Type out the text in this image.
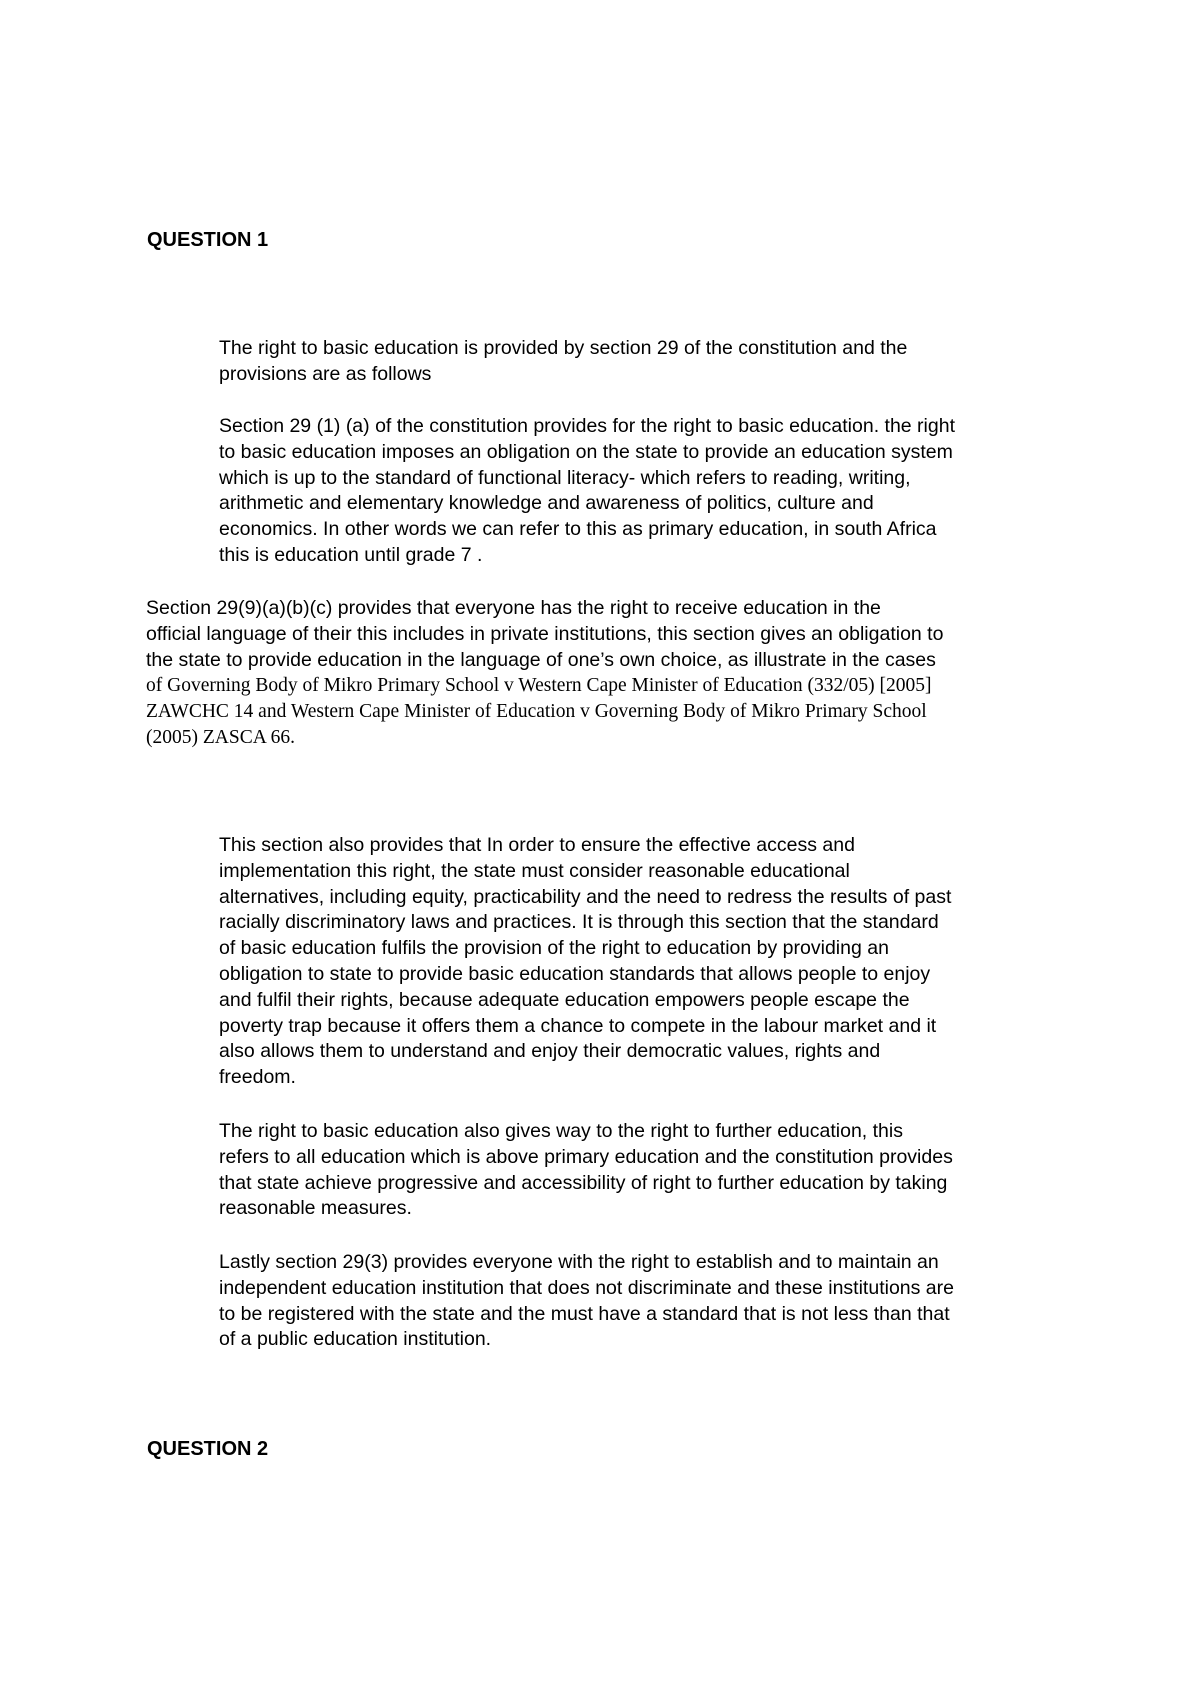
QUESTION 1

The right to basic education is provided by section 29 of the constitution and the
provisions are as follows

Section 29 (1) (a) of the constitution provides for the right to basic education. the right
to basic education imposes an obligation on the state to provide an education system
which is up to the standard of functional literacy- which refers to reading, writing,
arithmetic and elementary knowledge and awareness of politics, culture and
economics. In other words we can refer to this as primary education, in south Africa
this is education until grade 7 .

Section 29(9)(a)(b)(c) provides that everyone has the right to receive education in the
official language of their this includes in private institutions, this section gives an obligation to
the state to provide education in the language of one’s own choice, as illustrate in the cases
of Governing Body of Mikro Primary School v Western Cape Minister of Education (332/05) [2005]
ZAWCHC 14 and Western Cape Minister of Education v Governing Body of Mikro Primary School
(2005) ZASCA 66.

This section also provides that In order to ensure the effective access and
implementation this right, the state must consider reasonable educational
alternatives, including equity, practicability and the need to redress the results of past
racially discriminatory laws and practices. It is through this section that the standard
of basic education fulfils the provision of the right to education by providing an
obligation to state to provide basic education standards that allows people to enjoy
and fulfil their rights, because adequate education empowers people escape the
poverty trap because it offers them a chance to compete in the labour market and it
also allows them to understand and enjoy their democratic values, rights and
freedom.

The right to basic education also gives way to the right to further education, this
refers to all education which is above primary education and the constitution provides
that state achieve progressive and accessibility of right to further education by taking
reasonable measures.

Lastly section 29(3) provides everyone with the right to establish and to maintain an
independent education institution that does not discriminate and these institutions are
to be registered with the state and the must have a standard that is not less than that
of a public education institution.

QUESTION 2
